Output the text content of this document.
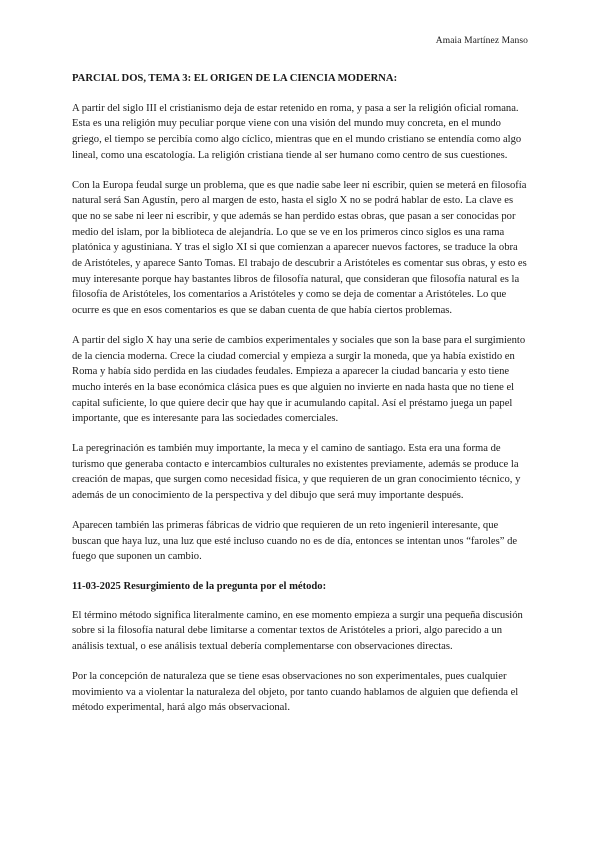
Amaia Martínez Manso
PARCIAL DOS, TEMA 3: EL ORIGEN DE LA CIENCIA MODERNA:

A partir del siglo III el cristianismo deja de estar retenido en roma, y pasa a ser la religión oficial romana. Esta es una religión muy peculiar porque viene con una visión del mundo muy concreta, en el mundo griego, el tiempo se percibía como algo cíclico, mientras que en el mundo cristiano se entendía como algo lineal, como una escatología. La religión cristiana tiende al ser humano como centro de sus cuestiones.

Con la Europa feudal surge un problema, que es que nadie sabe leer ni escribir, quien se meterá en filosofía natural será San Agustín, pero al margen de esto, hasta el siglo X no se podrá hablar de esto. La clave es que no se sabe ni leer ni escribir, y que además se han perdido estas obras, que pasan a ser conocidas por medio del islam, por la biblioteca de alejandría. Lo que se ve en los primeros cinco siglos es una rama platónica y agustiniana. Y tras el siglo XI si que comienzan a aparecer nuevos factores, se traduce la obra de Aristóteles, y aparece Santo Tomas. El trabajo de descubrir a Aristóteles es comentar sus obras, y esto es muy interesante porque hay bastantes libros de filosofía natural, que consideran que filosofía natural es la filosofía de Aristóteles, los comentarios a Aristóteles y como se deja de comentar a Aristóteles. Lo que ocurre es que en esos comentarios es que se daban cuenta de que había ciertos problemas.

A partir del siglo X hay una serie de cambios experimentales y sociales que son la base para el surgimiento de la ciencia moderna. Crece la ciudad comercial y empieza a surgir la moneda, que ya había existido en Roma y había sido perdida en las ciudades feudales. Empieza a aparecer la ciudad bancaria y esto tiene mucho interés en la base económica clásica pues es que alguien no invierte en nada hasta que no tiene el capital suficiente, lo que quiere decir que hay que ir acumulando capital. Así el préstamo juega un papel importante, que es interesante para las sociedades comerciales.

La peregrinación es también muy importante, la meca y el camino de santiago. Esta era una forma de turismo que generaba contacto e intercambios culturales no existentes previamente, además se produce la creación de mapas, que surgen como necesidad física, y que requieren de un gran conocimiento técnico, y además de un conocimiento de la perspectiva y del dibujo que será muy importante después.

Aparecen también las primeras fábricas de vidrio que requieren de un reto ingenieril interesante, que buscan que haya luz, una luz que esté incluso cuando no es de día, entonces se intentan unos “faroles” de fuego que suponen un cambio.

11-03-2025 Resurgimiento de la pregunta por el método:

El término método significa literalmente camino, en ese momento empieza a surgir una pequeña discusión sobre si la filosofía natural debe limitarse a comentar textos de Aristóteles a priori, algo parecido a un análisis textual, o ese análisis textual debería complementarse con observaciones directas.

Por la concepción de naturaleza que se tiene esas observaciones no son experimentales, pues cualquier movimiento va a violentar la naturaleza del objeto, por tanto cuando hablamos de alguien que defienda el método experimental, hará algo más observacional.
